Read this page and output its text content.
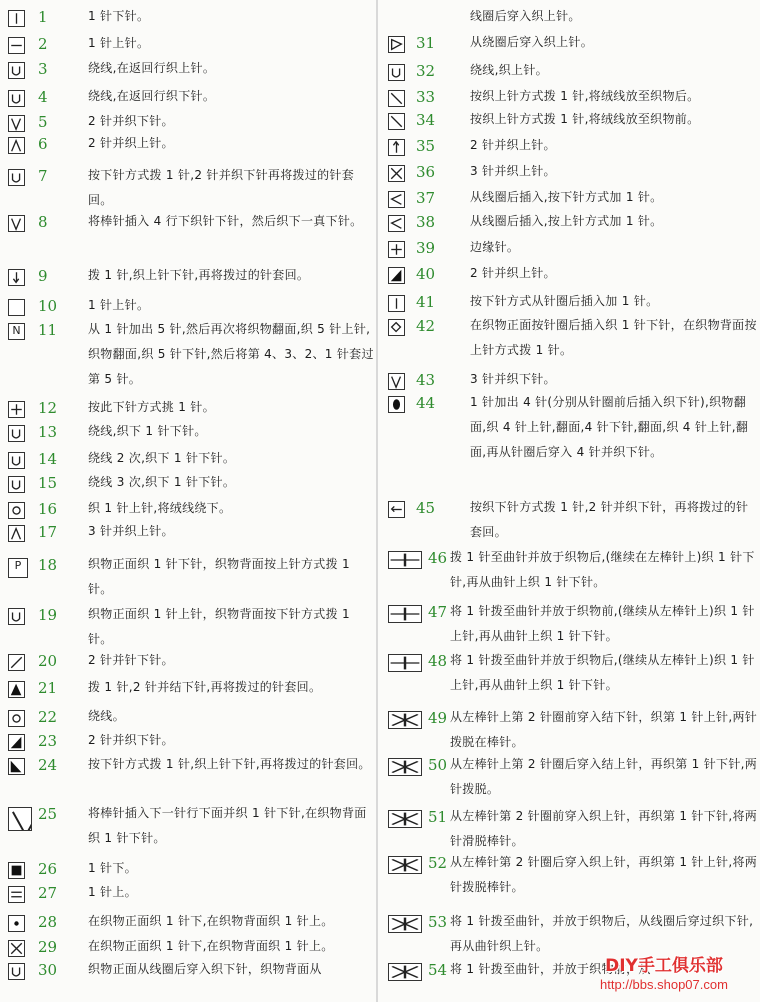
1	1 针下针。
2	1 针上针。
3	绕线,在返回行织上针。
4	绕线,在返回行织下针。
5	2 针并织下针。
6	2 针并织上针。
7	按下针方式拨 1 针,2 针并织下针再将拨过的针套回。
8	将棒针插入 4 行下织针下针，然后织下一真下针。
9	拨 1 针,织上针下针,再将拨过的针套回。
10	1 针上针。
N 11	从 1 针加出 5 针,然后再次将织物翻面,织 5 针上针,织物翻面,织 5 针下针,然后将第 4、3、2、1 针套过第 5 针。
12	按此下针方式挑 1 针。
13	绕线,织下 1 针下针。
14	绕线 2 次,织下 1 针下针。
15	绕线 3 次,织下 1 针下针。
16	织 1 针上针,将绒线绕下。
17	3 针并织上针。
P	18	织物正面织 1 针下针，织物背面按上针方式拨 1 针。
19	织物正面织 1 针上针，织物背面按下针方式拨 1 针。
20	2 针并针下针。
21	拨 1 针,2 针并结下针,再将拨过的针套回。
22	绕线。
23	2 针并织下针。
24	按下针方式拨 1 针,织上针下针,再将拨过的针套回。
25	将棒针插入下一针行下面并织 1 针下针,在织物背面织 1 针下针。
26	1 针下。
27	1 针上。
28	在织物正面织 1 针下,在织物背面织 1 针上。
29	在织物正面织 1 针下,在织物背面织 1 针上。
30	织物正面从线圈后穿入织下针，织物背面从
线圈后穿入织上针。
31	从绕圈后穿入织上针。
32	绕线,织上针。
33	按织上针方式拨 1 针,将绒线放至织物后。
34	按织上针方式拨 1 针,将绒线放至织物前。
35	2 针并织上针。
36	3 针并织上针。
37	从线圈后插入,按下针方式加 1 针。
38	从线圈后插入,按上针方式加 1 针。
39	边缘针。
40	2 针并织上针。
41	按下针方式从针圈后插入加 1 针。
42	在织物正面按针圈后插入织 1 针下针，在织物背面按上针方式拨 1 针。
43	3 针并织下针。
44	1 针加出 4 针(分别从针圈前后插入织下针),织物翻面,织 4 针上针,翻面,4 针下针,翻面,织 4 针上针,翻面,再从针圈后穿入 4 针并织下针。
45	按织下针方式拨 1 针,2 针并织下针，再将拨过的针套回。
46 拨 1 针至曲针并放于织物后,(继续在左棒针上)织 1 针下针,再从曲针上织 1 针下针。
47 将 1 针拨至曲针并放于织物前,(继续从左棒针上)织 1 针上针,再从曲针上织 1 针下针。
48 将 1 针拨至曲针并放于织物后,(继续从左棒针上)织 1 针上针,再从曲针上织 1 针下针。
49 从左棒针上第 2 针圈前穿入结下针，织第 1 针上针,两针拨脱在棒针。
50 从左棒针上第 2 针圈后穿入结上针，再织第 1 针下针,两针拨脱。
51 从左棒针第 2 针圈前穿入织上针，再织第 1 针下针,将两针滑脱棒针。
52 从左棒针第 2 针圈后穿入织上针，再织第 1 针上针,将两针拨脱棒针。
53 将 1 针拨至曲针，并放于织物后，从线圈后穿过织下针,再从曲针织上针。
54 将 1 针拨至曲针，并放于织物前，从
DIY手工俱乐部
http://bbs.shop07.com
